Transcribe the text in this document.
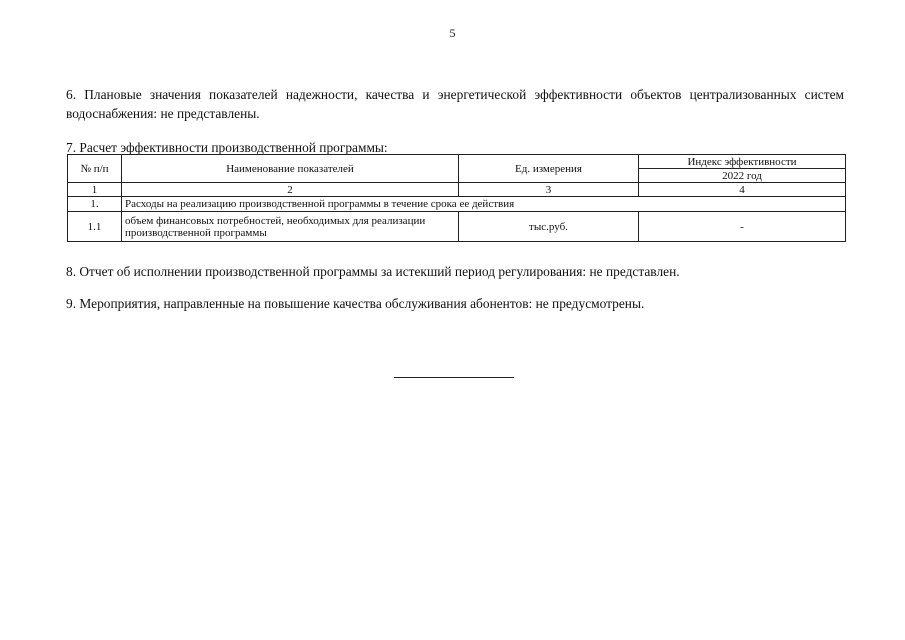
5
6. Плановые значения показателей надежности, качества и энергетической эффективности объектов централизованных систем водоснабжения: не представлены.
7. Расчет эффективности производственной программы:
№ п/п	Наименование показателей	Ед. измерения	Индекс эффективности
			2022 год
1	2	3	4
1.	Расходы на реализацию производственной программы в течение срока ее действия		
1.1	объем финансовых потребностей, необходимых для реализации производственной программы	тыс.руб.	-
8. Отчет об исполнении производственной программы за истекший период регулирования: не представлен.
9. Мероприятия, направленные на повышение качества обслуживания абонентов: не предусмотрены.
